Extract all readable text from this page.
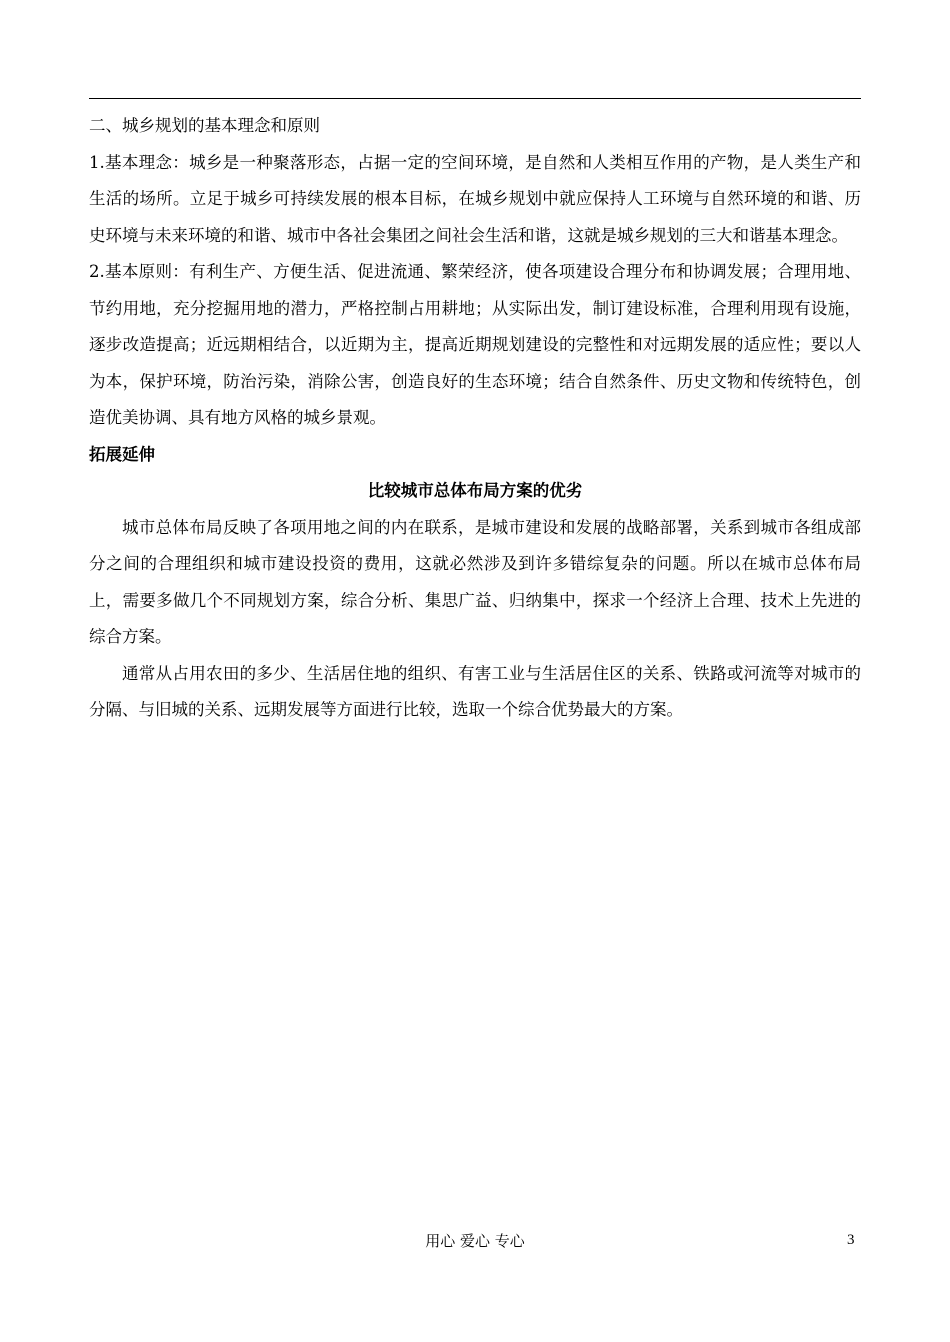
二、城乡规划的基本理念和原则

1.基本理念：城乡是一种聚落形态，占据一定的空间环境，是自然和人类相互作用的产物，是人类生产和生活的场所。立足于城乡可持续发展的根本目标，在城乡规划中就应保持人工环境与自然环境的和谐、历史环境与未来环境的和谐、城市中各社会集团之间社会生活和谐，这就是城乡规划的三大和谐基本理念。

2.基本原则：有利生产、方便生活、促进流通、繁荣经济，使各项建设合理分布和协调发展；合理用地、节约用地，充分挖掘用地的潜力，严格控制占用耕地；从实际出发，制订建设标准，合理利用现有设施，逐步改造提高；近远期相结合，以近期为主，提高近期规划建设的完整性和对远期发展的适应性；要以人为本，保护环境，防治污染，消除公害，创造良好的生态环境；结合自然条件、历史文物和传统特色，创造优美协调、具有地方风格的城乡景观。

拓展延伸

比较城市总体布局方案的优劣

城市总体布局反映了各项用地之间的内在联系，是城市建设和发展的战略部署，关系到城市各组成部分之间的合理组织和城市建设投资的费用，这就必然涉及到许多错综复杂的问题。所以在城市总体布局上，需要多做几个不同规划方案，综合分析、集思广益、归纳集中，探求一个经济上合理、技术上先进的综合方案。

通常从占用农田的多少、生活居住地的组织、有害工业与生活居住区的关系、铁路或河流等对城市的分隔、与旧城的关系、远期发展等方面进行比较，选取一个综合优势最大的方案。

用心 爱心 专心	3
